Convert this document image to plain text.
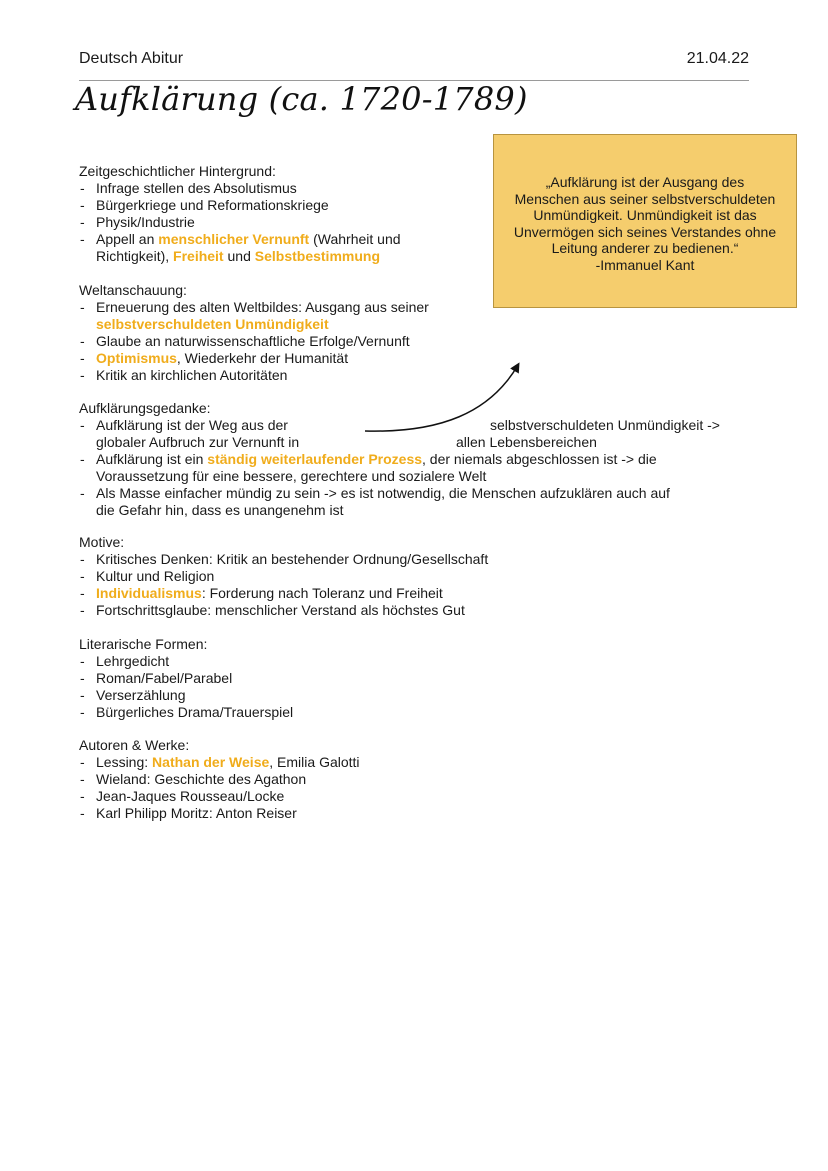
Deutsch Abitur	21.04.22
Aufklärung (ca. 1720-1789)
„Aufklärung ist der Ausgang des
Menschen aus seiner selbstverschuldeten
Unmündigkeit. Unmündigkeit ist das
Unvermögen sich seines Verstandes ohne
Leitung anderer zu bedienen.“
-Immanuel Kant

Zeitgeschichtlicher Hintergrund:

- Infrage stellen des Absolutismus
- Bürgerkriege und Reformationskriege
- Physik/Industrie
- Appell an menschlicher Vernunft (Wahrheit und
Richtigkeit), Freiheit und Selbstbestimmung

Weltanschauung:

- Erneuerung des alten Weltbildes: Ausgang aus seiner
selbstverschuldeten Unmündigkeit
- Glaube an naturwissenschaftliche Erfolge/Vernunft
- Optimismus, Wiederkehr der Humanität
- Kritik an kirchlichen Autoritäten

Aufklärungsgedanke:

- Aufklärung ist der Weg aus der	selbstverschuldeten Unmündigkeit ->
globaler Aufbruch zur Vernunft in	allen Lebensbereichen
- Aufklärung ist ein ständig weiterlaufender Prozess, der niemals abgeschlossen ist -> die
Voraussetzung für eine bessere, gerechtere und sozialere Welt
- Als Masse einfacher mündig zu sein -> es ist notwendig, die Menschen aufzuklären auch auf
die Gefahr hin, dass es unangenehm ist

Motive:

- Kritisches Denken: Kritik an bestehender Ordnung/Gesellschaft
- Kultur und Religion
- Individualismus: Forderung nach Toleranz und Freiheit
- Fortschrittsglaube: menschlicher Verstand als höchstes Gut

Literarische Formen:

- Lehrgedicht
- Roman/Fabel/Parabel
- Verserzählung
- Bürgerliches Drama/Trauerspiel

Autoren & Werke:

- Lessing: Nathan der Weise, Emilia Galotti
- Wieland: Geschichte des Agathon
- Jean-Jaques Rousseau/Locke
- Karl Philipp Moritz: Anton Reiser
